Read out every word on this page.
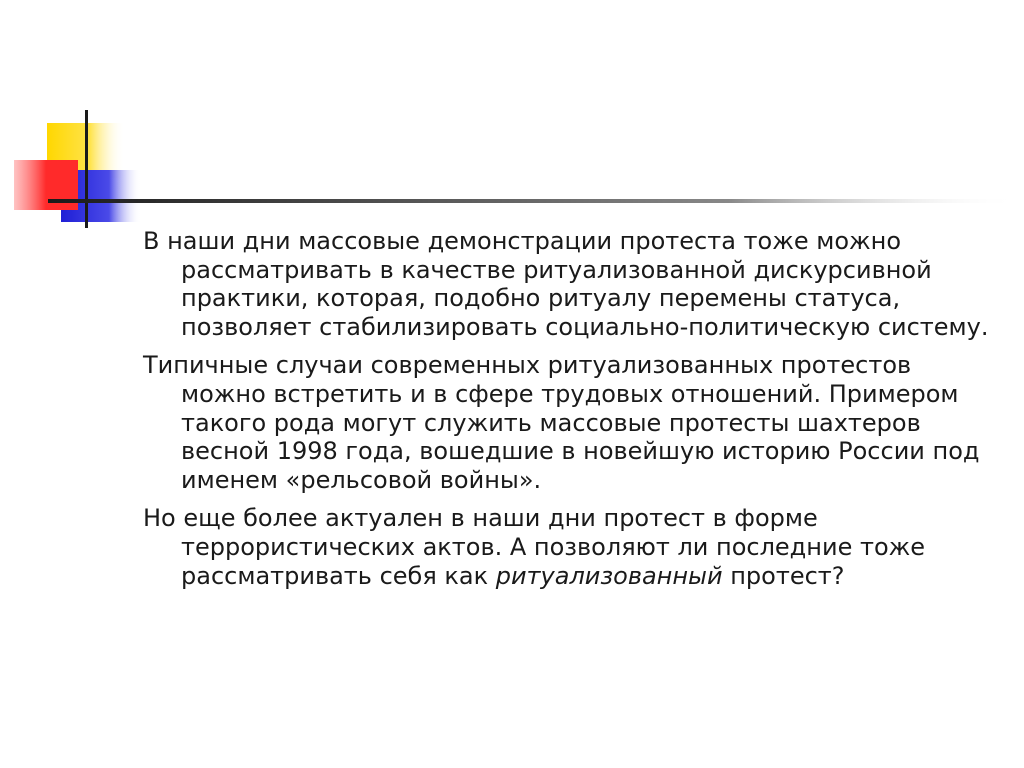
В наши дни массовые демонстрации протеста тоже можно рассматривать в качестве ритуализованной дискурсивной практики, которая, подобно ритуалу перемены статуса, позволяет стабилизировать социально-политическую систему.

Типичные случаи современных ритуализованных протестов можно встретить и в сфере трудовых отношений. Примером такого рода могут служить массовые протесты шахтеров весной 1998 года, вошедшие в новейшую историю России под именем «рельсовой войны».

Но еще более актуален в наши дни протест в форме террористических актов. А позволяют ли последние тоже рассматривать себя как ритуализованный протест?
